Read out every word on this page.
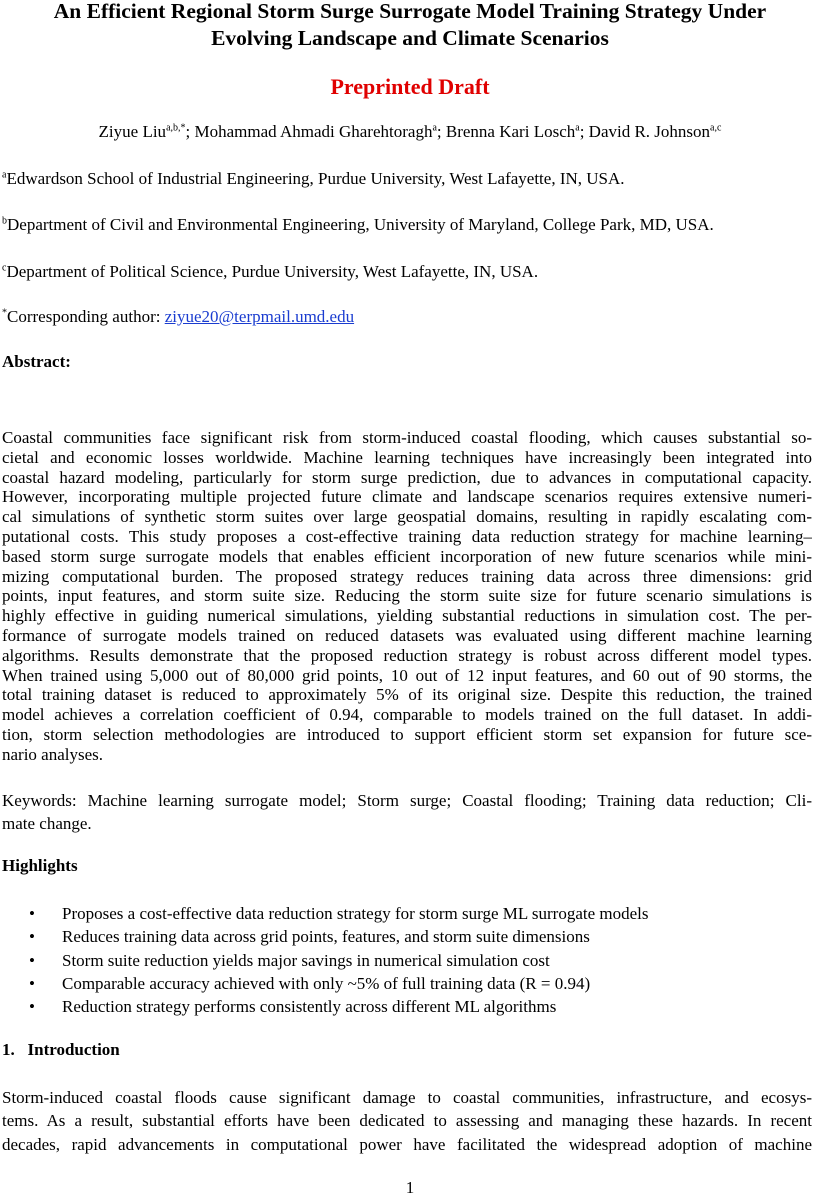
An Efficient Regional Storm Surge Surrogate Model Training Strategy Under
Evolving Landscape and Climate Scenarios
Preprinted Draft
Ziyue Liu$^{a,b,*}$; Mohammad Ahmadi Gharehtoragh$^a$; Brenna Kari Losch$^a$; David R. Johnson$^{a,c}$
$^a$Edwardson School of Industrial Engineering, Purdue University, West Lafayette, IN, USA.
$^b$Department of Civil and Environmental Engineering, University of Maryland, College Park, MD, USA.
$^c$Department of Political Science, Purdue University, West Lafayette, IN, USA.
*Corresponding author: ziyue20@terpmail.umd.edu
Abstract:
Coastal communities face significant risk from storm-induced coastal flooding, which causes substantial so-
cietal and economic losses worldwide. Machine learning techniques have increasingly been integrated into
coastal hazard modeling, particularly for storm surge prediction, due to advances in computational capacity.
However, incorporating multiple projected future climate and landscape scenarios requires extensive numeri-
cal simulations of synthetic storm suites over large geospatial domains, resulting in rapidly escalating com-
putational costs. This study proposes a cost-effective training data reduction strategy for machine learning–
based storm surge surrogate models that enables efficient incorporation of new future scenarios while mini-
mizing computational burden. The proposed strategy reduces training data across three dimensions: grid
points, input features, and storm suite size. Reducing the storm suite size for future scenario simulations is
highly effective in guiding numerical simulations, yielding substantial reductions in simulation cost. The per-
formance of surrogate models trained on reduced datasets was evaluated using different machine learning
algorithms. Results demonstrate that the proposed reduction strategy is robust across different model types.
When trained using 5,000 out of 80,000 grid points, 10 out of 12 input features, and 60 out of 90 storms, the
total training dataset is reduced to approximately 5% of its original size. Despite this reduction, the trained
model achieves a correlation coefficient of 0.94, comparable to models trained on the full dataset. In addi-
tion, storm selection methodologies are introduced to support efficient storm set expansion for future sce-
nario analyses.
Keywords: Machine learning surrogate model; Storm surge; Coastal flooding; Training data reduction; Cli-
mate change.
Highlights
• Proposes a cost-effective data reduction strategy for storm surge ML surrogate models
• Reduces training data across grid points, features, and storm suite dimensions
• Storm suite reduction yields major savings in numerical simulation cost
• Comparable accuracy achieved with only ~5% of full training data (R = 0.94)
• Reduction strategy performs consistently across different ML algorithms
1.   Introduction
Storm-induced coastal floods cause significant damage to coastal communities, infrastructure, and ecosys-
tems. As a result, substantial efforts have been dedicated to assessing and managing these hazards. In recent
decades, rapid advancements in computational power have facilitated the widespread adoption of machine
1
